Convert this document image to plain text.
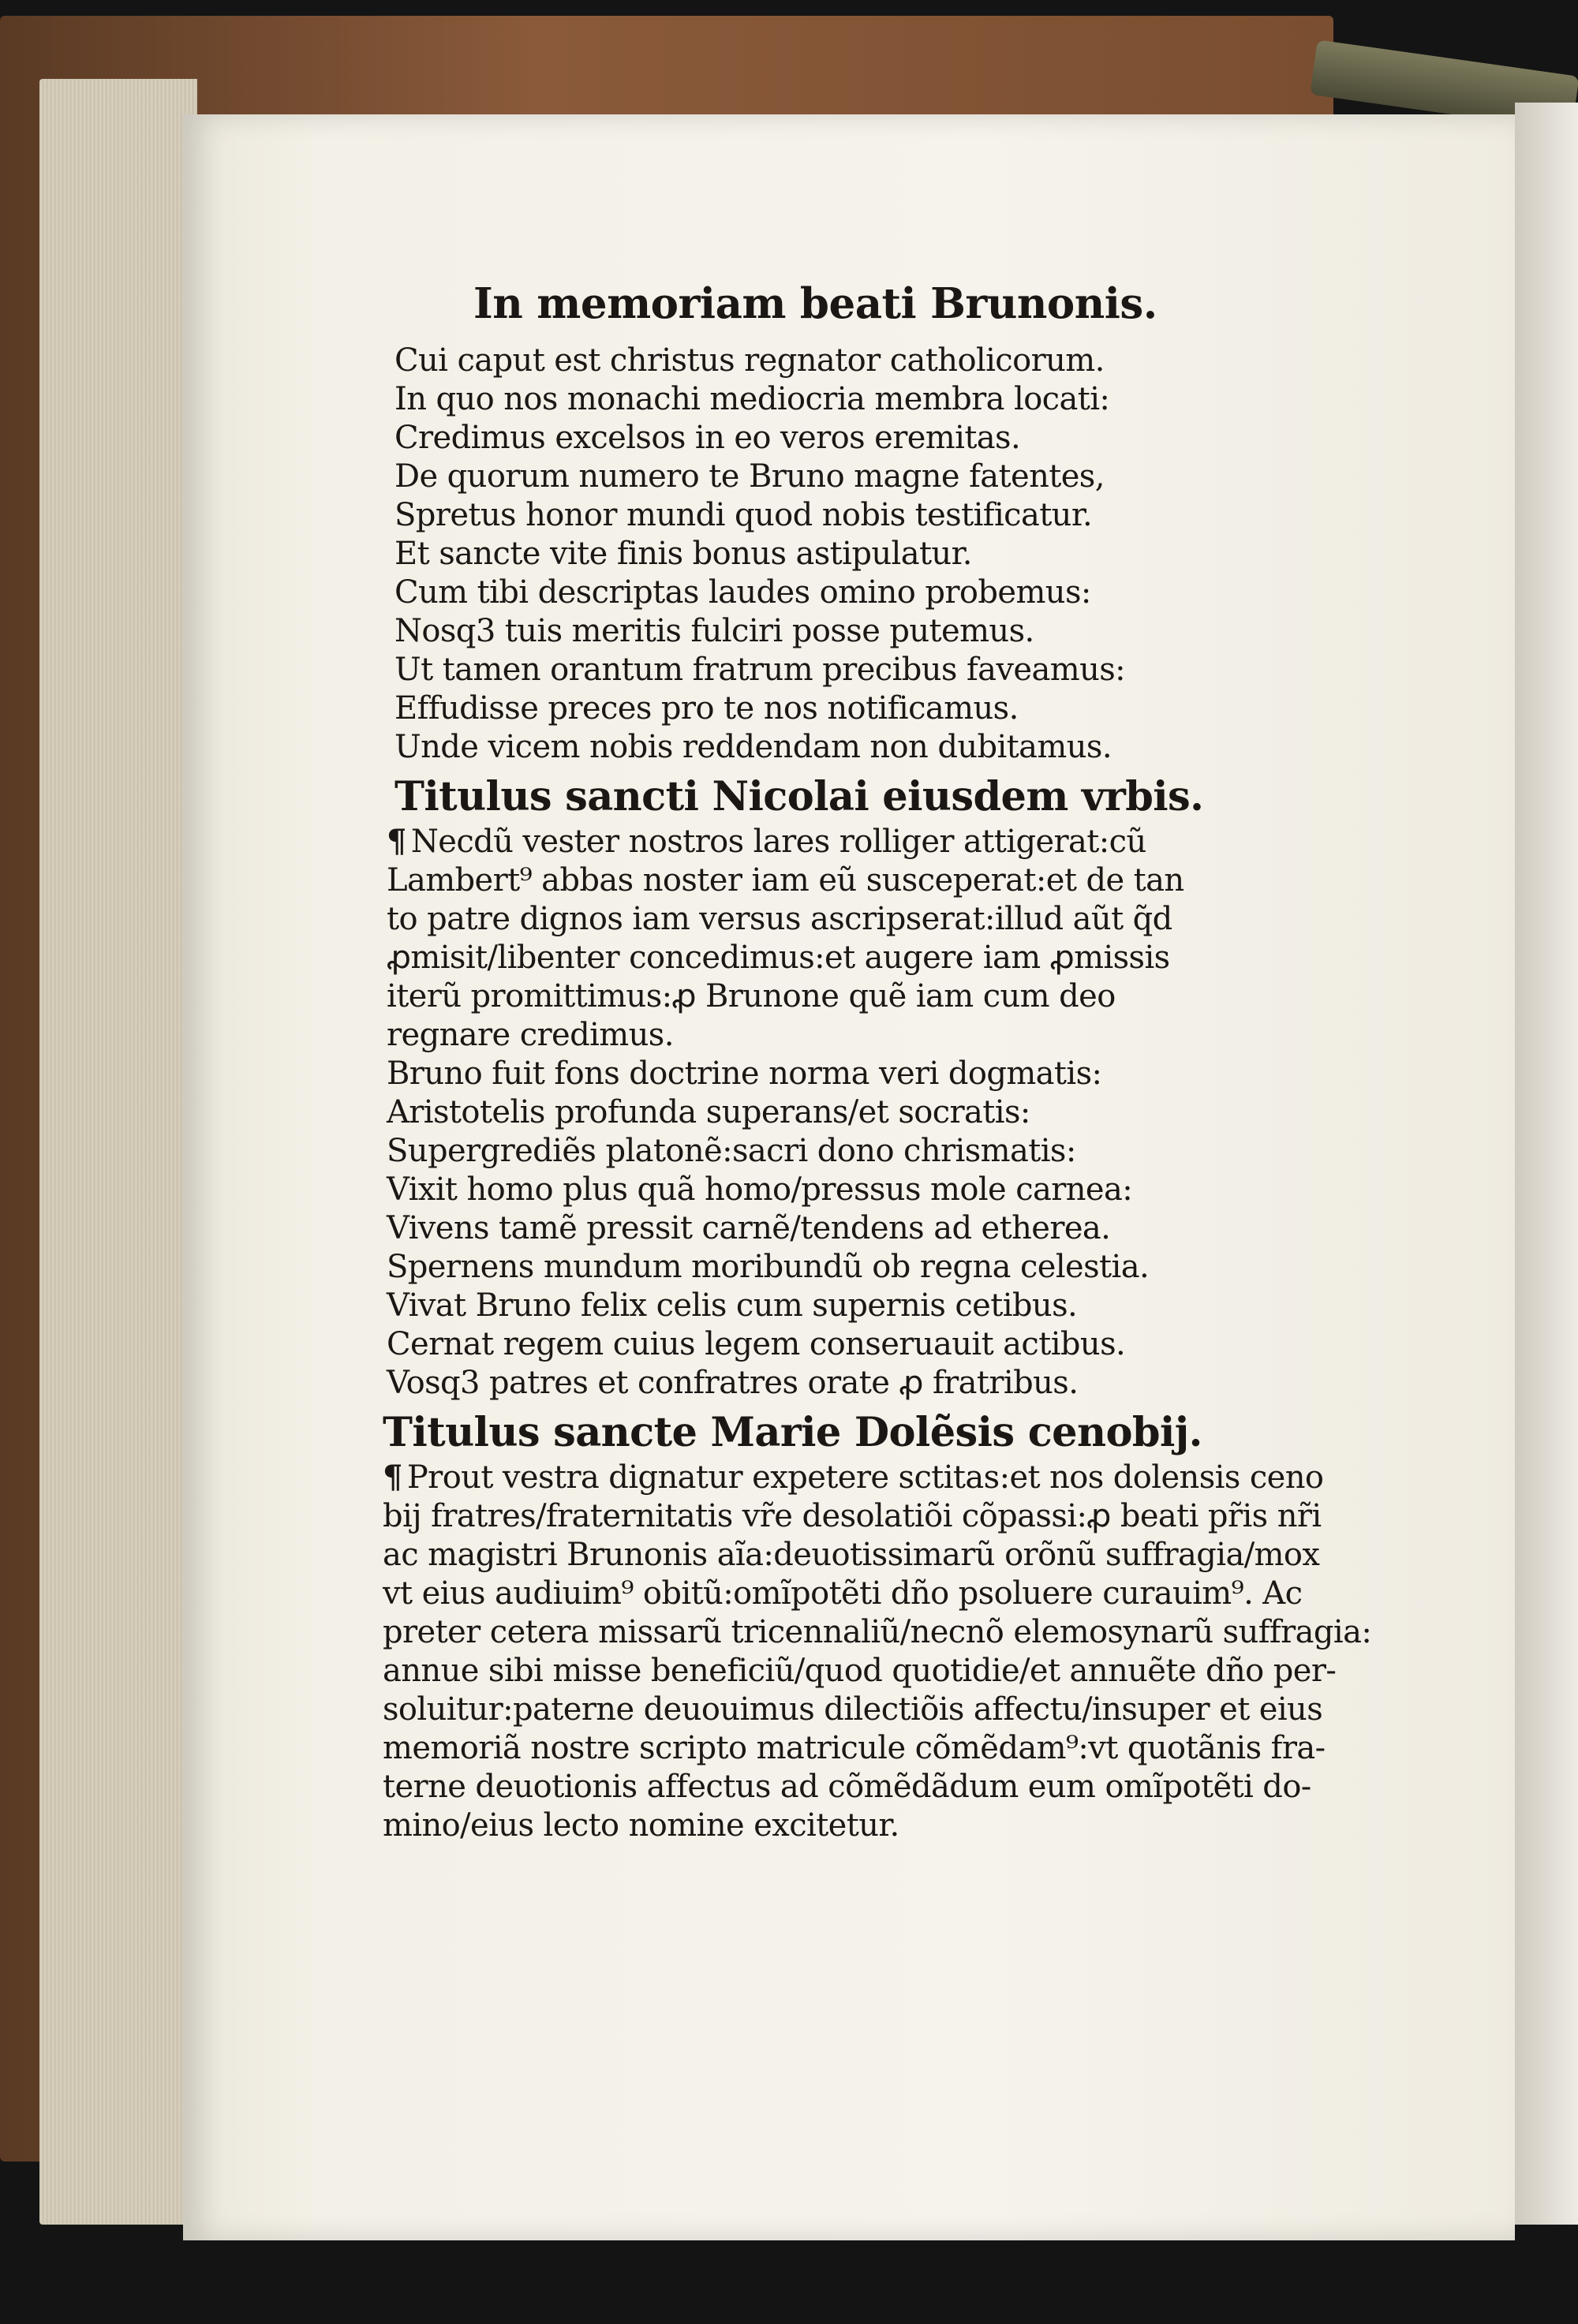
In memoriam beati Brunonis.
Cui caput est christus regnator catholicorum.
In quo nos monachi mediocria membra locati:
Credimus excelsos in eo veros eremitas.
De quorum numero te Bruno magne fatentes,
Spretus honor mundi quod nobis testificatur.
Et sancte vite finis bonus astipulatur.
Cum tibi descriptas laudes omino probemus:
Nosq3 tuis meritis fulciri posse putemus.
Ut tamen orantum fratrum precibus faveamus:
Effudisse preces pro te nos notificamus.
Unde vicem nobis reddendam non dubitamus.
Titulus sancti Nicolai eiusdem vrbis.
¶ Necdũ vester nostros lares rolliger attigerat:cũ
Lambert⁹ abbas noster iam eũ susceperat:et de tan
to patre dignos iam versus ascripserat:illud aũt q̃d
ꝓmisit/libenter concedimus:et augere iam ꝓmissis
iterũ promittimus:ꝓ Brunone quẽ iam cum deo
regnare credimus.
Bruno fuit fons doctrine norma veri dogmatis:
Aristotelis profunda superans/et socratis:
Supergrediẽs platonẽ:sacri dono chrismatis:
Vixit homo plus quã homo/pressus mole carnea:
Vivens tamẽ pressit carnẽ/tendens ad etherea.
Spernens mundum moribundũ ob regna celestia.
Vivat Bruno felix celis cum supernis cetibus.
Cernat regem cuius legem conseruauit actibus.
Vosq3 patres et confratres orate ꝓ fratribus.
Titulus sancte Marie Dolẽsis cenobij.
¶ Prout vestra dignatur expetere sctitas:et nos dolensis ceno
bij fratres/fraternitatis vr̃e desolatiõi cõpassi:ꝓ beati pr̃is nr̃i
ac magistri Brunonis aĩa:deuotissimarũ orõnũ suffragia/mox
vt eius audiuim⁹ obitũ:omĩpotẽti dño psoluere curauim⁹. Ac
preter cetera missarũ tricennaliũ/necnõ elemosynarũ suffragia:
annue sibi misse beneficiũ/quod quotidie/et annuẽte dño per-
soluitur:paterne deuouimus dilectiõis affectu/insuper et eius
memoriã nostre scripto matricule cõmẽdam⁹:vt quotãnis fra-
terne deuotionis affectus ad cõmẽdãdum eum omĩpotẽti do-
mino/eius lecto nomine excitetur.
